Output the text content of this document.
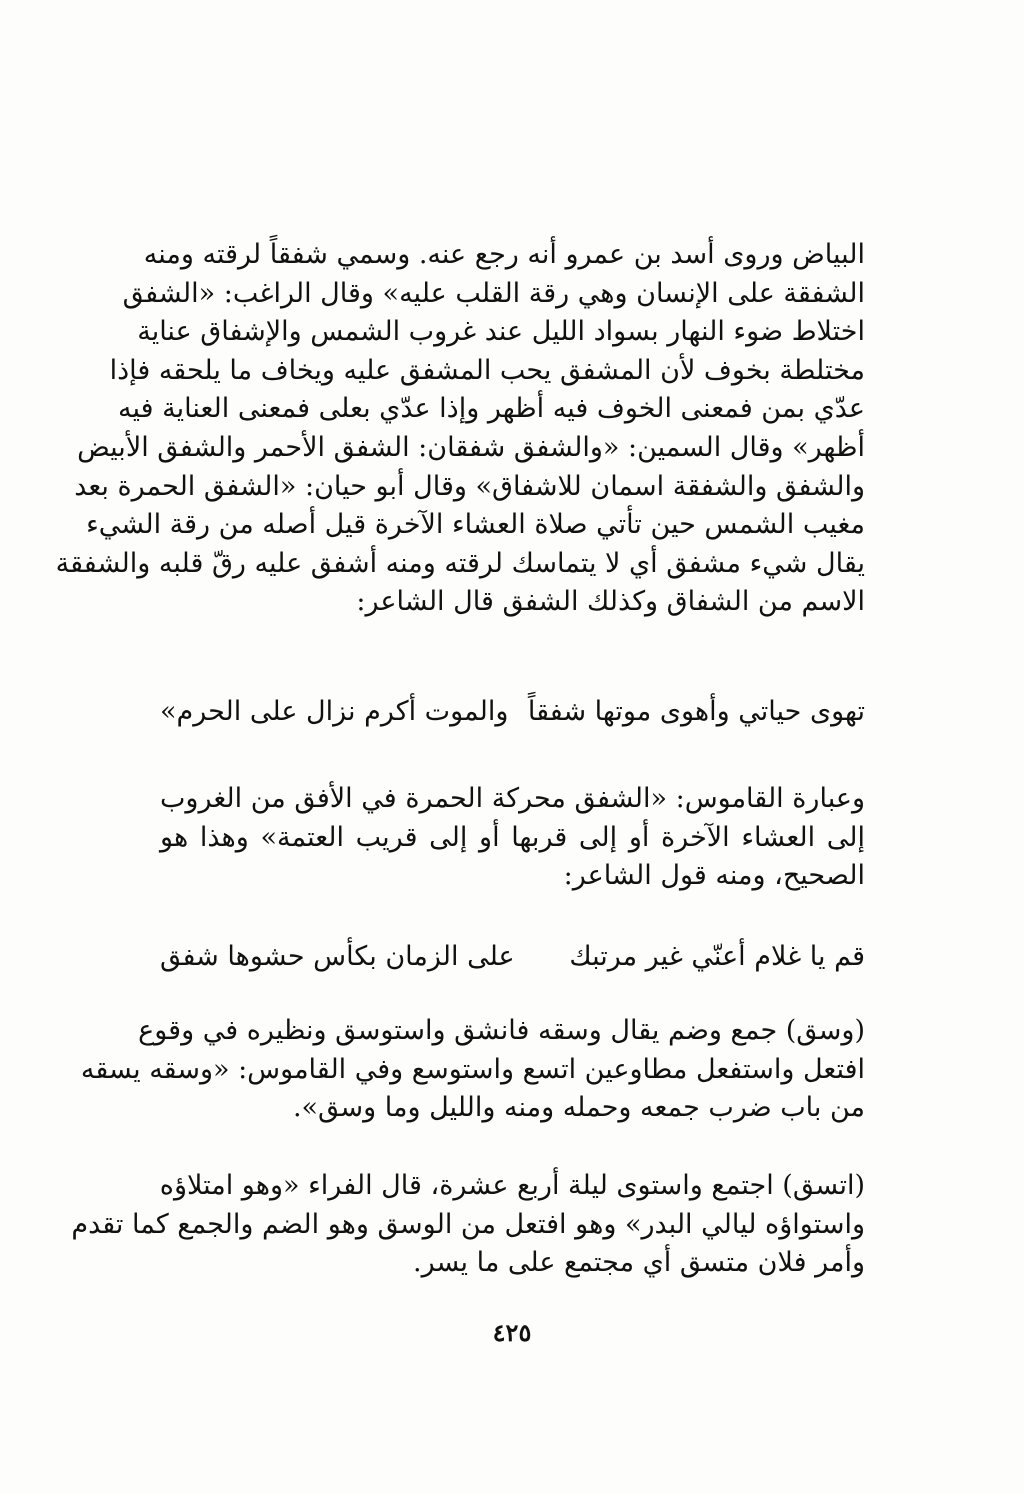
البياض وروى أسد بن عمرو أنه رجع عنه. وسمي شفقاً لرقته ومنه
الشفقة على الإنسان وهي رقة القلب عليه» وقال الراغب: «الشفق
اختلاط ضوء النهار بسواد الليل عند غروب الشمس والإشفاق عناية
مختلطة بخوف لأن المشفق يحب المشفق عليه ويخاف ما يلحقه فإذا
عدّي بمن فمعنى الخوف فيه أظهر وإذا عدّي بعلى فمعنى العناية فيه
أظهر» وقال السمين: «والشفق شفقان: الشفق الأحمر والشفق الأبيض
والشفق والشفقة اسمان للاشفاق» وقال أبو حيان: «الشفق الحمرة بعد
مغيب الشمس حين تأتي صلاة العشاء الآخرة قيل أصله من رقة الشيء
يقال شيء مشفق أي لا يتماسك لرقته ومنه أشفق عليه رقّ قلبه والشفقة
الاسم من الشفاق وكذلك الشفق قال الشاعر:
تهوى حياتي وأهوى موتها شفقاً
والموت أكرم نزال على الحرم»
وعبارة القاموس: «الشفق محركة الحمرة في الأفق من الغروب
إلى العشاء الآخرة أو إلى قربها أو إلى قريب العتمة» وهذا هو
الصحيح، ومنه قول الشاعر:
قم يا غلام أعنّي غير مرتبك
على الزمان بكأس حشوها شفق
(وسق) جمع وضم يقال وسقه فانشق واستوسق ونظيره في وقوع
افتعل واستفعل مطاوعين اتسع واستوسع وفي القاموس: «وسقه يسقه
من باب ضرب جمعه وحمله ومنه والليل وما وسق».
(اتسق) اجتمع واستوى ليلة أربع عشرة، قال الفراء «وهو امتلاؤه
واستواؤه ليالي البدر» وهو افتعل من الوسق وهو الضم والجمع كما تقدم
وأمر فلان متسق أي مجتمع على ما يسر.
٤٢٥
